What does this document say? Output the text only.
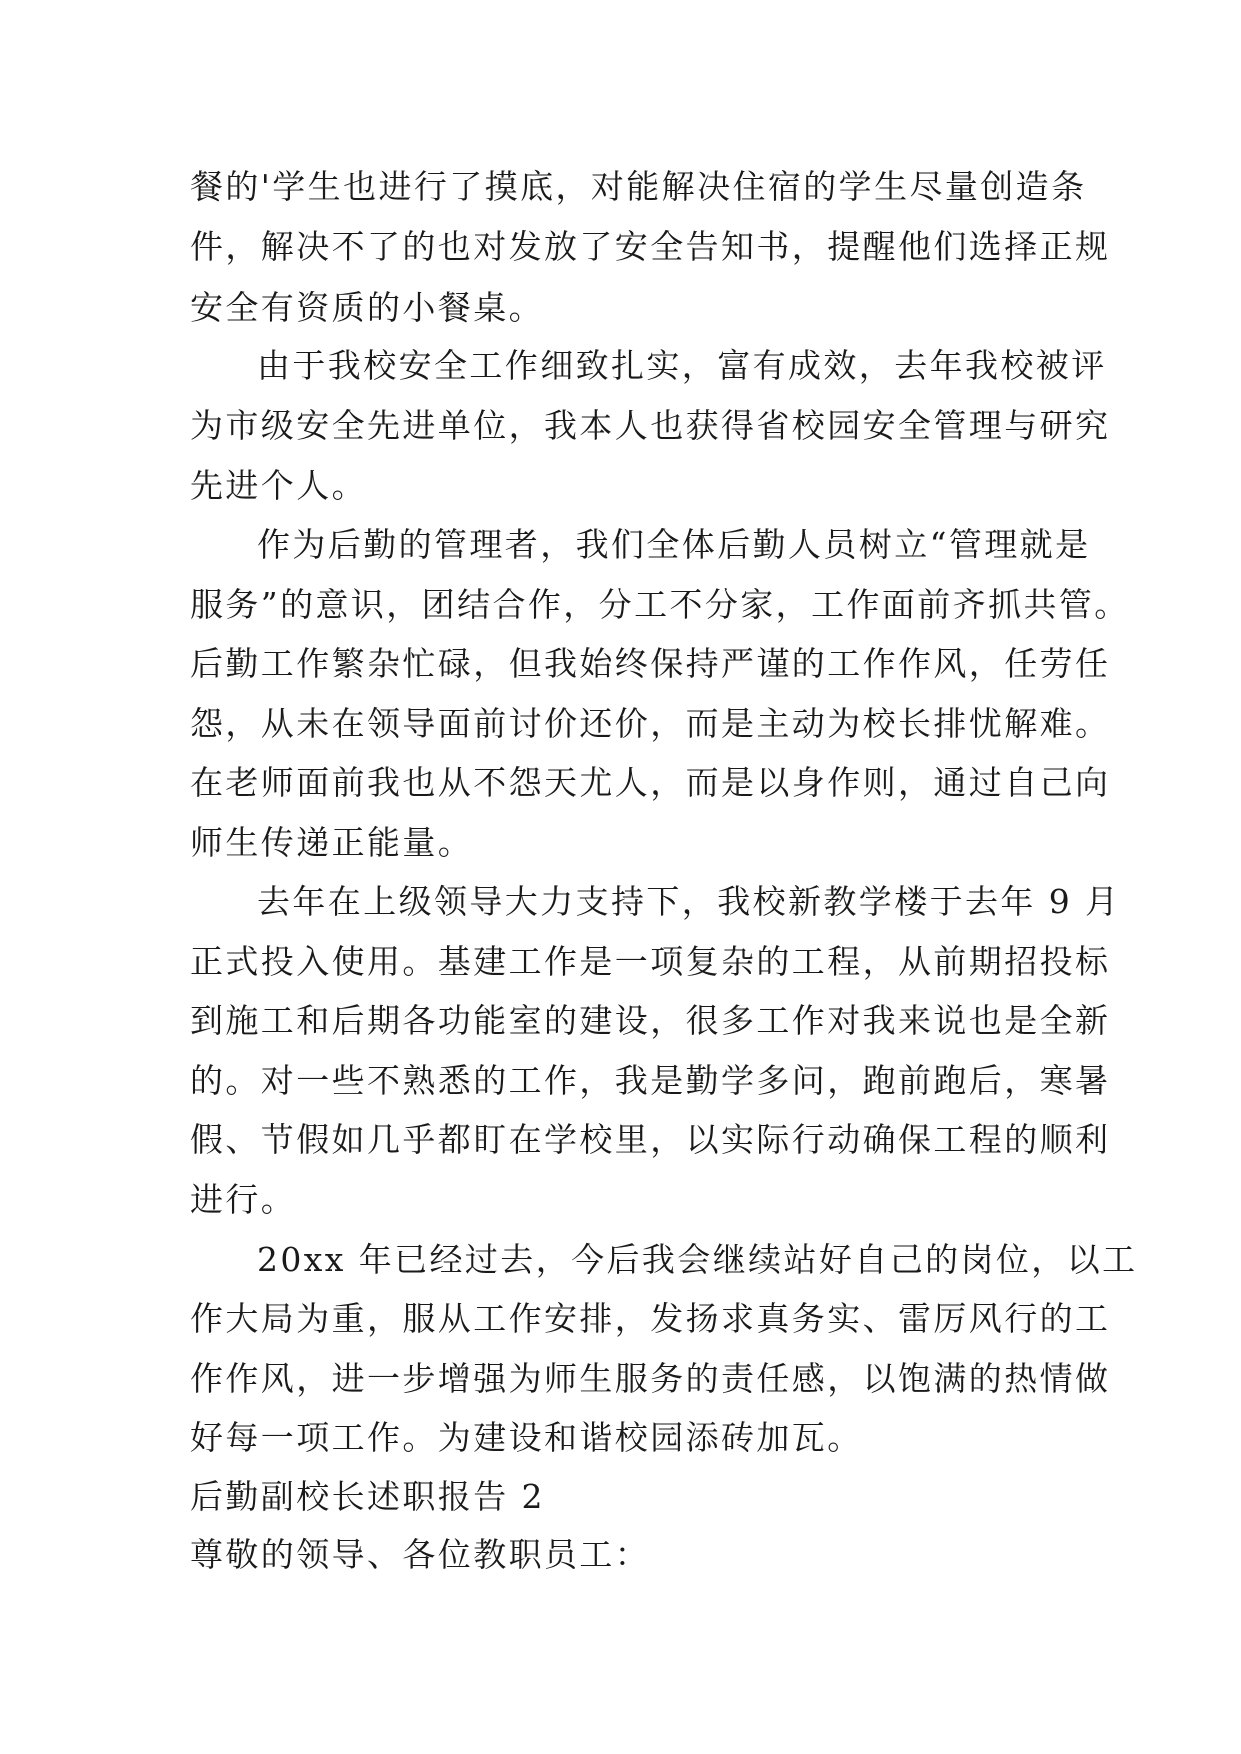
餐的'学生也进行了摸底，对能解决住宿的学生尽量创造条
件，解决不了的也对发放了安全告知书，提醒他们选择正规
安全有资质的小餐桌。
由于我校安全工作细致扎实，富有成效，去年我校被评
为市级安全先进单位，我本人也获得省校园安全管理与研究
先进个人。
作为后勤的管理者，我们全体后勤人员树立“管理就是
服务”的意识，团结合作，分工不分家，工作面前齐抓共管。
后勤工作繁杂忙碌，但我始终保持严谨的工作作风，任劳任
怨，从未在领导面前讨价还价，而是主动为校长排忧解难。
在老师面前我也从不怨天尤人，而是以身作则，通过自己向
师生传递正能量。
去年在上级领导大力支持下，我校新教学楼于去年 9 月
正式投入使用。基建工作是一项复杂的工程，从前期招投标
到施工和后期各功能室的建设，很多工作对我来说也是全新
的。对一些不熟悉的工作，我是勤学多问，跑前跑后，寒暑
假、节假如几乎都盯在学校里，以实际行动确保工程的顺利
进行。
20xx 年已经过去，今后我会继续站好自己的岗位，以工
作大局为重，服从工作安排，发扬求真务实、雷厉风行的工
作作风，进一步增强为师生服务的责任感，以饱满的热情做
好每一项工作。为建设和谐校园添砖加瓦。
后勤副校长述职报告 2
尊敬的领导、各位教职员工：
